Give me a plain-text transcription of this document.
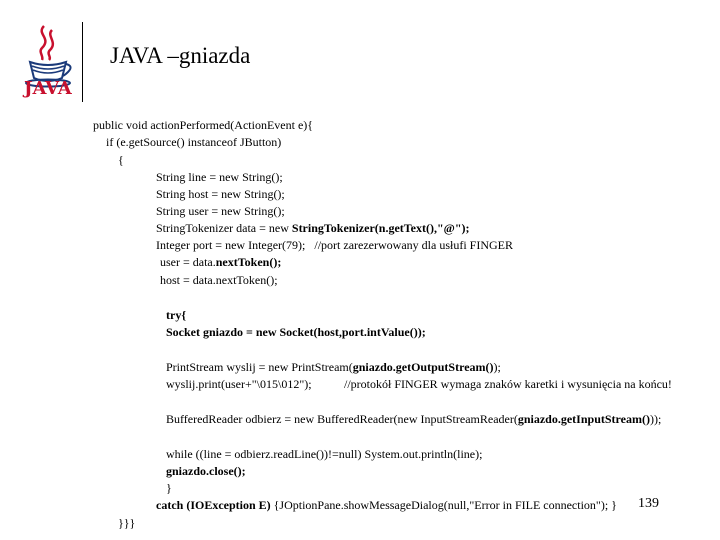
JAVA
JAVA –gniazda
public void actionPerformed(ActionEvent e){
if (e.getSource() instanceof JButton)
{
String line = new String();
String host = new String();
String user = new String();
StringTokenizer data = new StringTokenizer(n.getText(),"@");
Integer port = new Integer(79);   //port zarezerwowany dla usłufi FINGER
user = data.nextToken();
host = data.nextToken();
try{
Socket gniazdo = new Socket(host,port.intValue());
PrintStream wyslij = new PrintStream(gniazdo.getOutputStream());
wyslij.print(user+"\015\012");	//protokół FINGER wymaga znaków karetki i wysunięcia na końcu!
BufferedReader odbierz = new BufferedReader(new InputStreamReader(gniazdo.getInputStream()));
while ((line = odbierz.readLine())!=null) System.out.println(line);
gniazdo.close();
}
catch (IOException E) {JOptionPane.showMessageDialog(null,"Error in FILE connection"); }
}}}
139
